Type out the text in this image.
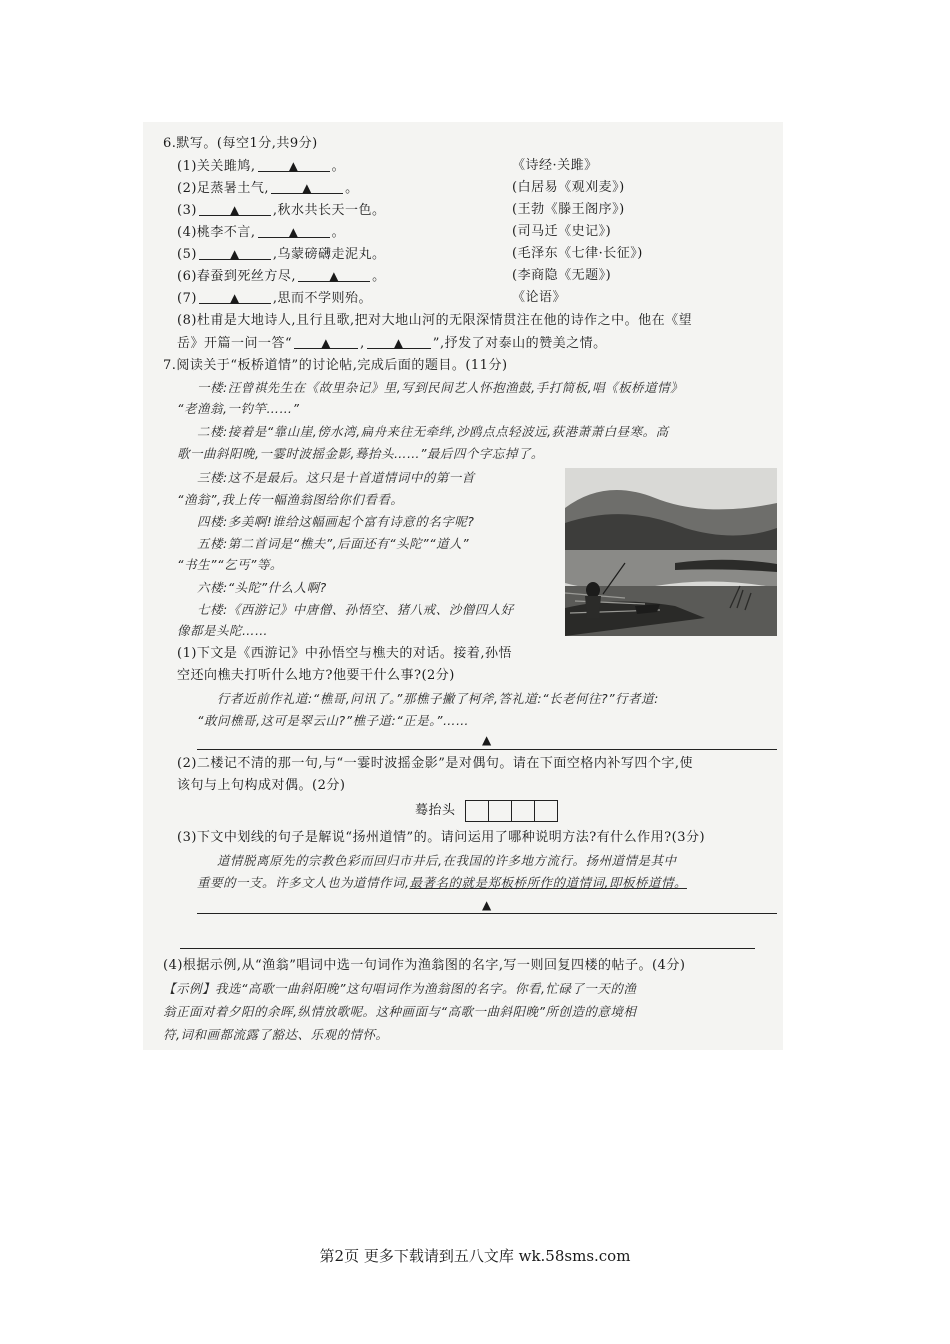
6.默写。(每空1分,共9分)
(1)关关雎鸠,	▲	。	《诗经·关雎》
(2)足蒸暑土气,	▲	。	(白居易《观刈麦》)
(3)	▲	,秋水共长天一色。	(王勃《滕王阁序》)
(4)桃李不言,	▲	。	(司马迁《史记》)
(5)	▲	,乌蒙磅礴走泥丸。	(毛泽东《七律·长征》)
(6)春蚕到死丝方尽,	▲	。	(李商隐《无题》)
(7)	▲	,思而不学则殆。	《论语》
(8)杜甫是大地诗人,且行且歌,把对大地山河的无限深情贯注在他的诗作之中。他在《望
岳》开篇一问一答“ ▲ , ▲ ”,抒发了对泰山的赞美之情。
7.阅读关于“板桥道情”的讨论帖,完成后面的题目。(11分)
一楼:汪曾祺先生在《故里杂记》里,写到民间艺人怀抱渔鼓,手打简板,唱《板桥道情》
“老渔翁,一钓竿……”
二楼:接着是“靠山崖,傍水湾,扁舟来往无牵绊,沙鸥点点轻波远,荻港萧萧白昼寒。高
歌一曲斜阳晚,一霎时波摇金影,蓦抬头……”最后四个字忘掉了。
三楼:这不是最后。这只是十首道情词中的第一首
“渔翁”,我上传一幅渔翁图给你们看看。
四楼:多美啊!谁给这幅画起个富有诗意的名字呢?
五楼:第二首词是“樵夫”,后面还有“头陀”“道人”
“书生”“乞丐”等。
六楼:“头陀”什么人啊?
七楼:《西游记》中唐僧、孙悟空、猪八戒、沙僧四人好
像都是头陀……
(1)下文是《西游记》中孙悟空与樵夫的对话。接着,孙悟
空还向樵夫打听什么地方?他要干什么事?(2分)
行者近前作礼道:“樵哥,问讯了。”那樵子撇了柯斧,答礼道:“长老何往?”行者道:
“敢问樵哥,这可是翠云山?”樵子道:“正是。”……
▲
(2)二楼记不清的那一句,与“一霎时波摇金影”是对偶句。请在下面空格内补写四个字,使
该句与上句构成对偶。(2分)
蓦抬头
(3)下文中划线的句子是解说“扬州道情”的。请问运用了哪种说明方法?有什么作用?(3分)
道情脱离原先的宗教色彩而回归市井后,在我国的许多地方流行。扬州道情是其中
重要的一支。许多文人也为道情作词,最著名的就是郑板桥所作的道情词,即板桥道情。
▲
(4)根据示例,从“渔翁”唱词中选一句词作为渔翁图的名字,写一则回复四楼的帖子。(4分)
【示例】我选“高歌一曲斜阳晚”这句唱词作为渔翁图的名字。你看,忙碌了一天的渔
翁正面对着夕阳的余晖,纵情放歌呢。这种画面与“高歌一曲斜阳晚”所创造的意境相
符,词和画都流露了豁达、乐观的情怀。
第2页 更多下载请到五八文库 wk.58sms.com
